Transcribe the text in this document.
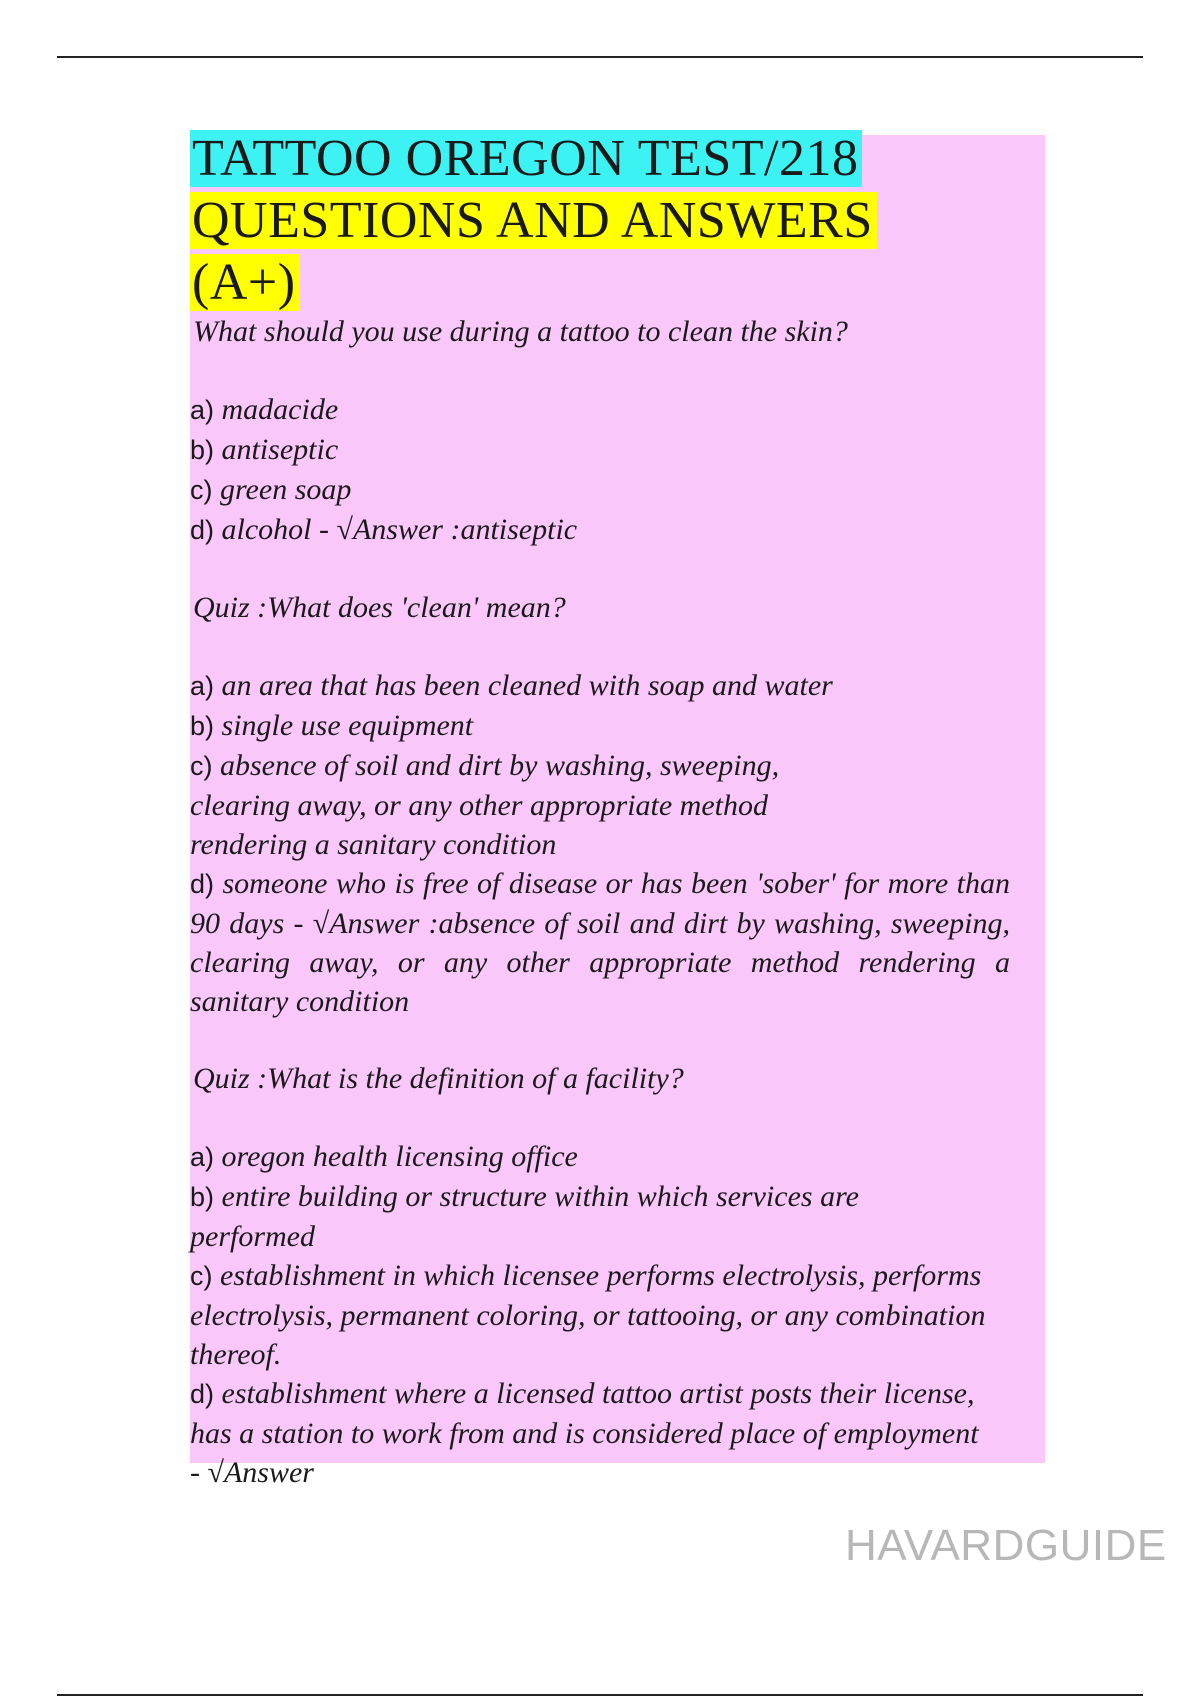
TATTOO OREGON TEST/218
QUESTIONS AND ANSWERS
(A+)

What should you use during a tattoo to clean the skin?

a) madacide

b) antiseptic

c) green soap

d) alcohol - √Answer :antiseptic

Quiz :What does 'clean' mean?

a) an area that has been cleaned with soap and water

b) single use equipment

c) absence of soil and dirt by washing, sweeping, clearing away, or any other appropriate method rendering a sanitary condition

d) someone who is free of disease or has been 'sober' for more than 90 days - √Answer :absence of soil and dirt by washing, sweeping, clearing away, or any other appropriate method rendering a sanitary condition

Quiz :What is the definition of a facility?

a) oregon health licensing office

b) entire building or structure within which services are performed

c) establishment in which licensee performs electrolysis, performs electrolysis, permanent coloring, or tattooing, or any combination thereof.

d) establishment where a licensed tattoo artist posts their license, has a station to work from and is considered place of employment - √Answer

HAVARDGUIDE
